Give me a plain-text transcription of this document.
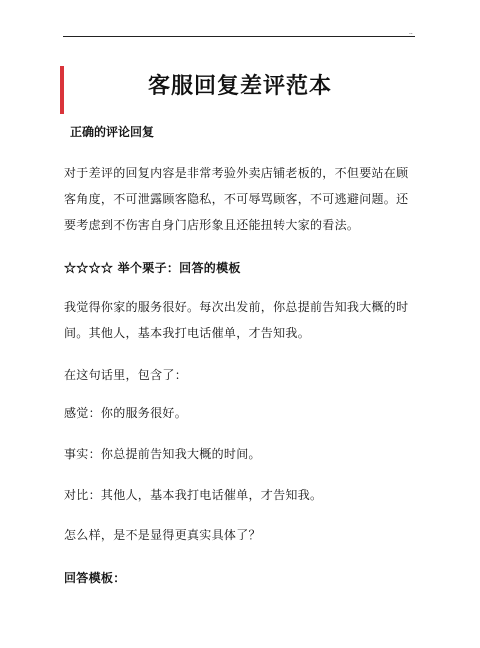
..
客服回复差评范本
正确的评论回复
对于差评的回复内容是非常考验外卖店铺老板的，不但要站在顾客角度，不可泄露顾客隐私，不可辱骂顾客，不可逃避问题。还要考虑到不伤害自身门店形象且还能扭转大家的看法。
☆☆☆☆ 举个栗子：回答的模板
我觉得你家的服务很好。每次出发前，你总提前告知我大概的时间。其他人，基本我打电话催单，才告知我。
在这句话里，包含了：
感觉：你的服务很好。
事实：你总提前告知我大概的时间。
对比：其他人，基本我打电话催单，才告知我。
怎么样，是不是显得更真实具体了？
回答模板：
